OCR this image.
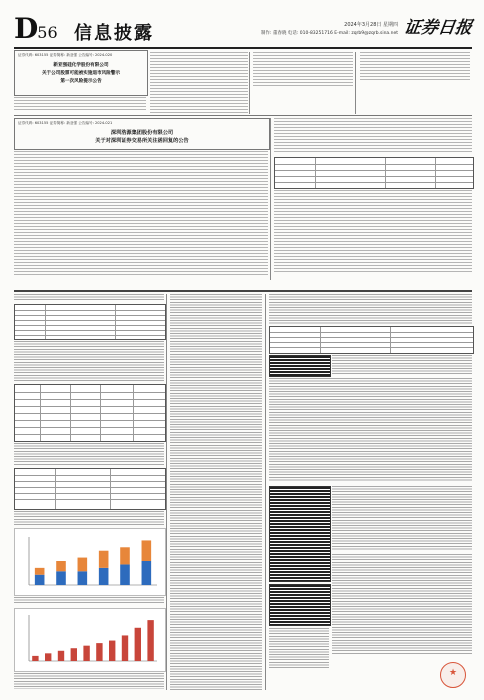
D56 信息披露	2024年3月28日 星期四
制作: 董春晓 电话: 010-83251716 E-mail: zqrb9@zqrb.sina.net 证券日报
证券代码: 603155 证券简称: 新亚强 公告编号: 2024-020
新亚强硅化学股份有限公司
关于公司股票可能被实施退市风险警示
第一次风险提示公告
证券代码: 603155 证券简称: 新亚强 公告编号: 2024-021
深圳浩源集团股份有限公司
关于对深圳证券交易所关注函回复的公告
★
